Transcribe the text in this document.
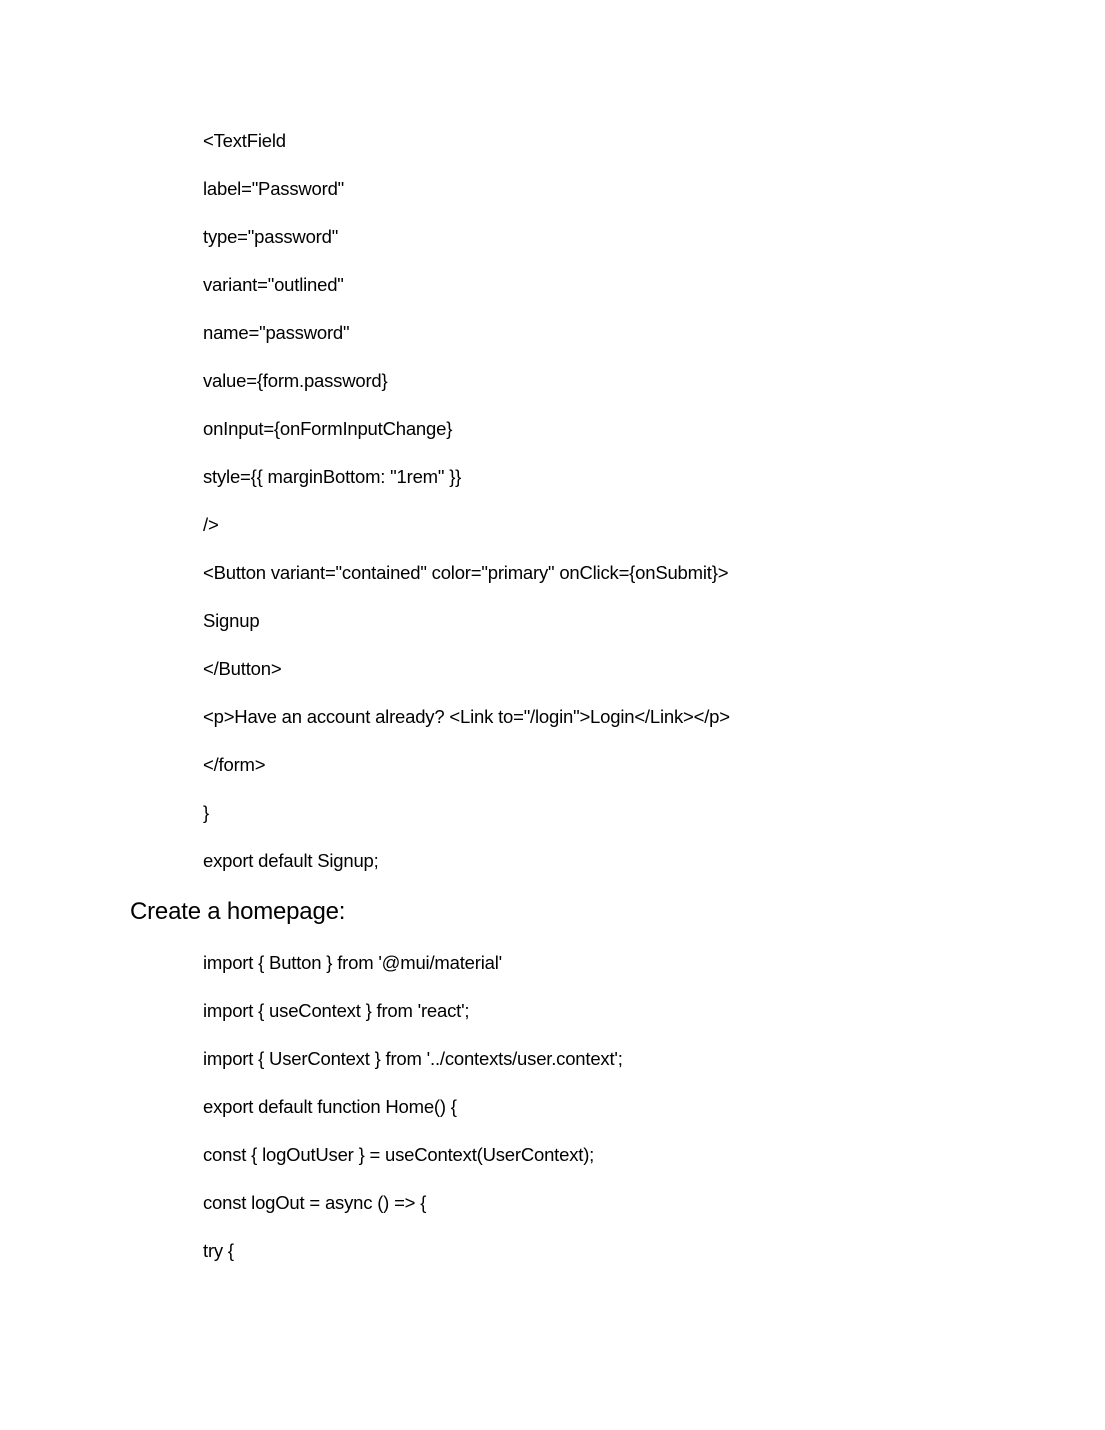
<TextField
label="Password"
type="password"
variant="outlined"
name="password"
value={form.password}
onInput={onFormInputChange}
style={{ marginBottom: "1rem" }}
/>
<Button variant="contained" color="primary" onClick={onSubmit}>
Signup
</Button>
<p>Have an account already? <Link to="/login">Login</Link></p>
</form>
}
export default Signup;
Create a homepage:
import { Button } from '@mui/material'
import { useContext } from 'react';
import { UserContext } from '../contexts/user.context';
export default function Home() {
const { logOutUser } = useContext(UserContext);
const logOut = async () => {
try {
